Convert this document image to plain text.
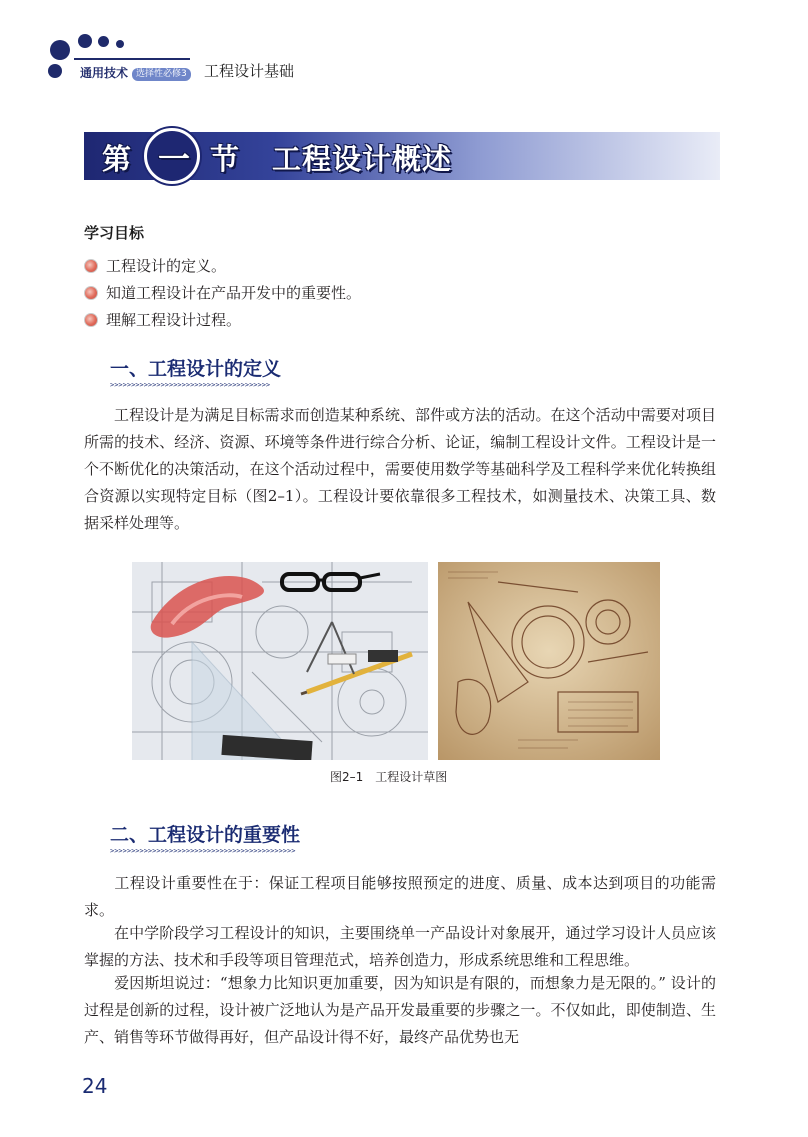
通用技术 选择性必修3 工程设计基础
第 一 节 工程设计概述
学习目标
工程设计的定义。
知道工程设计在产品开发中的重要性。
理解工程设计过程。
一、工程设计的定义
>>>>>>>>>>>>>>>>>>>>>>>>>>>>>>>>>>>>>>

工程设计是为满足目标需求而创造某种系统、部件或方法的活动。在这个活动中需要对项目所需的技术、经济、资源、环境等条件进行综合分析、论证，编制工程设计文件。工程设计是一个不断优化的决策活动，在这个活动过程中，需要使用数学等基础科学及工程科学来优化转换组合资源以实现特定目标（图2–1）。工程设计要依靠很多工程技术，如测量技术、决策工具、数据采样处理等。

图2–1　工程设计草图
二、工程设计的重要性
>>>>>>>>>>>>>>>>>>>>>>>>>>>>>>>>>>>>>>>>>>>>

工程设计重要性在于：保证工程项目能够按照预定的进度、质量、成本达到项目的功能需求。

在中学阶段学习工程设计的知识，主要围绕单一产品设计对象展开，通过学习设计人员应该掌握的方法、技术和手段等项目管理范式，培养创造力，形成系统思维和工程思维。

爱因斯坦说过：“想象力比知识更加重要，因为知识是有限的，而想象力是无限的。” 设计的过程是创新的过程，设计被广泛地认为是产品开发最重要的步骤之一。不仅如此，即使制造、生产、销售等环节做得再好，但产品设计得不好，最终产品优势也无

24
